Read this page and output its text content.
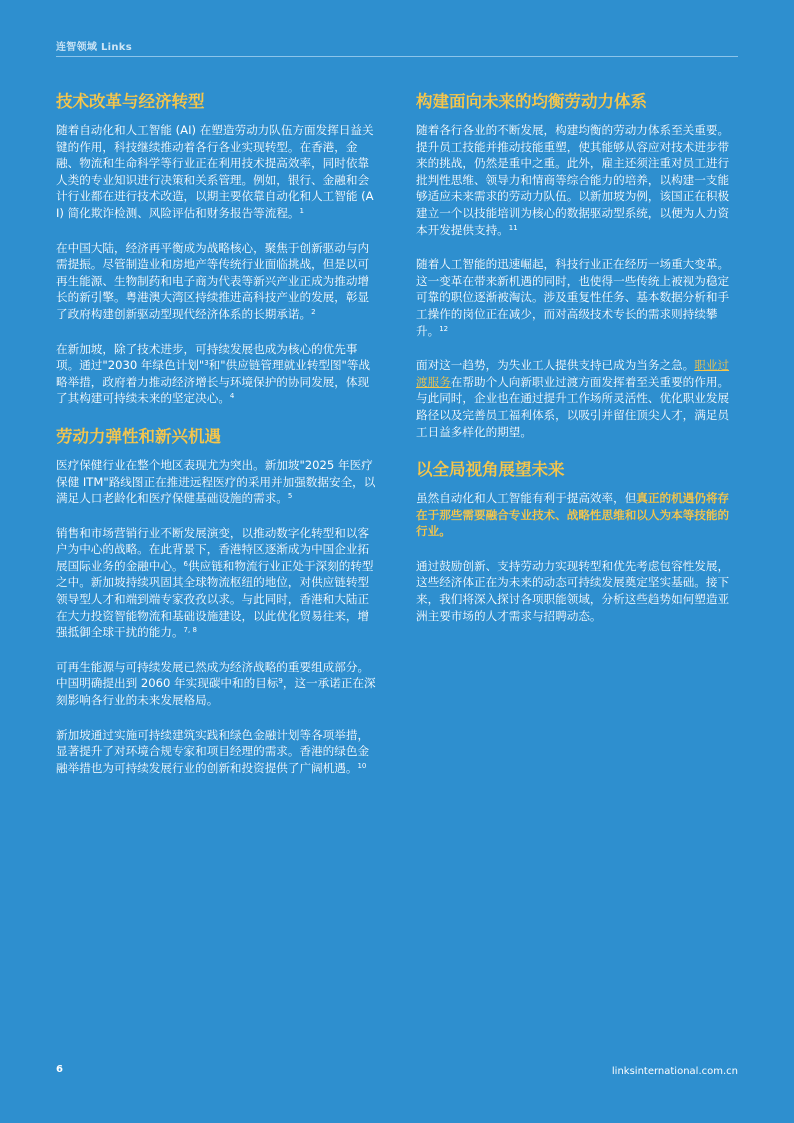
连智领域 Links
技术改革与经济转型

随着自动化和人工智能 (AI) 在塑造劳动力队伍方面发挥日益关键的作用，科技继续推动着各行各业实现转型。在香港，金融、物流和生命科学等行业正在利用技术提高效率，同时依靠人类的专业知识进行决策和关系管理。例如，银行、金融和会计行业都在进行技术改造，以期主要依靠自动化和人工智能 (AI) 简化欺诈检测、风险评估和财务报告等流程。$^1$

在中国大陆，经济再平衡成为战略核心，聚焦于创新驱动与内需提振。尽管制造业和房地产等传统行业面临挑战，但是以可再生能源、生物制药和电子商为代表等新兴产业正成为推动增长的新引擎。粤港澳大湾区持续推进高科技产业的发展，彰显了政府构建创新驱动型现代经济体系的长期承诺。$^2$

在新加坡，除了技术进步，可持续发展也成为核心的优先事项。通过"2030 年绿色计划"$^3$和"供应链管理就业转型图"等战略举措，政府着力推动经济增长与环境保护的协同发展，体现了其构建可持续未来的坚定决心。$^4$

劳动力弹性和新兴机遇

医疗保健行业在整个地区表现尤为突出。新加坡"2025 年医疗保健 ITM"路线图正在推进远程医疗的采用并加强数据安全，以满足人口老龄化和医疗保健基础设施的需求。$^5$

销售和市场营销行业不断发展演变，以推动数字化转型和以客户为中心的战略。在此背景下，香港特区逐渐成为中国企业拓展国际业务的金融中心。$^6$供应链和物流行业正处于深刻的转型之中。新加坡持续巩固其全球物流枢纽的地位，对供应链转型领导型人才和端到端专家孜孜以求。与此同时，香港和大陆正在大力投资智能物流和基础设施建设，以此优化贸易往来，增强抵御全球干扰的能力。$^{7, 8}$

可再生能源与可持续发展已然成为经济战略的重要组成部分。中国明确提出到 2060 年实现碳中和的目标$^9$，这一承诺正在深刻影响各行业的未来发展格局。

新加坡通过实施可持续建筑实践和绿色金融计划等各项举措，显著提升了对环境合规专家和项目经理的需求。香港的绿色金融举措也为可持续发展行业的创新和投资提供了广阔机遇。$^{10}$

构建面向未来的均衡劳动力体系

随着各行各业的不断发展，构建均衡的劳动力体系至关重要。提升员工技能并推动技能重塑，使其能够从容应对技术进步带来的挑战，仍然是重中之重。此外，雇主还须注重对员工进行批判性思维、领导力和情商等综合能力的培养，以构建一支能够适应未来需求的劳动力队伍。以新加坡为例，该国正在积极建立一个以技能培训为核心的数据驱动型系统，以便为人力资本开发提供支持。$^{11}$

随着人工智能的迅速崛起，科技行业正在经历一场重大变革。这一变革在带来新机遇的同时，也使得一些传统上被视为稳定可靠的职位逐渐被淘汰。涉及重复性任务、基本数据分析和手工操作的岗位正在减少，而对高级技术专长的需求则持续攀升。$^{12}$

面对这一趋势，为失业工人提供支持已成为当务之急。职业过渡服务在帮助个人向新职业过渡方面发挥着至关重要的作用。与此同时，企业也在通过提升工作场所灵活性、优化职业发展路径以及完善员工福利体系，以吸引并留住顶尖人才，满足员工日益多样化的期望。

以全局视角展望未来

虽然自动化和人工智能有利于提高效率，但真正的机遇仍将存在于那些需要融合专业技术、战略性思维和以人为本等技能的行业。

通过鼓励创新、支持劳动力实现转型和优先考虑包容性发展，这些经济体正在为未来的动态可持续发展奠定坚实基础。接下来，我们将深入探讨各项职能领域，分析这些趋势如何塑造亚洲主要市场的人才需求与招聘动态。

6	linksinternational.com.cn
